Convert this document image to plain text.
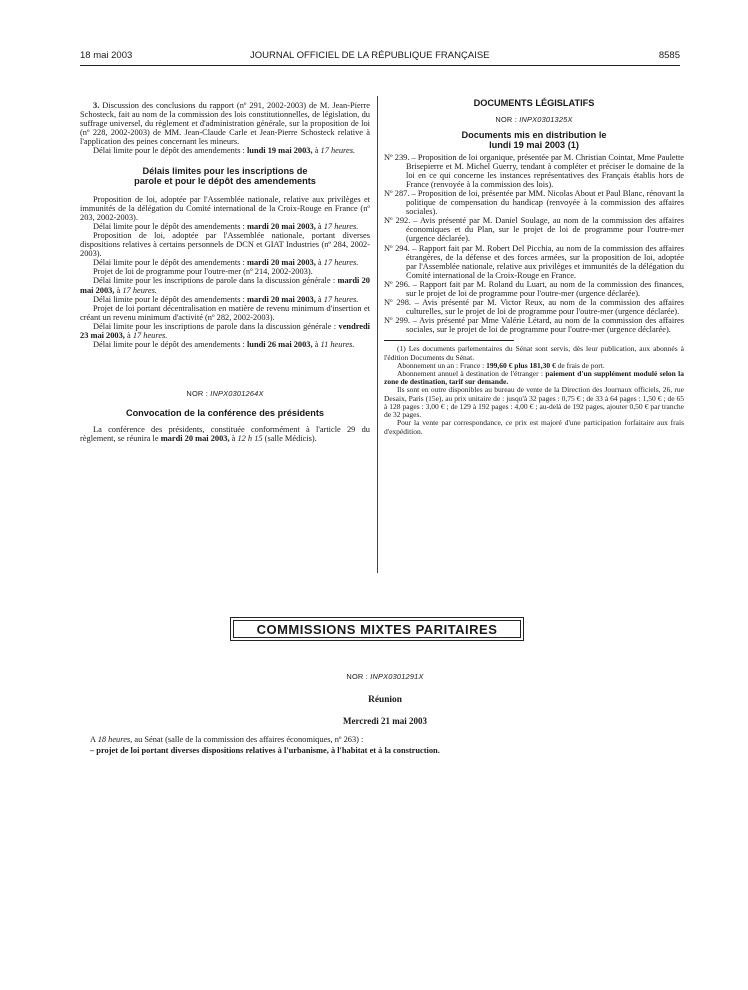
18 mai 2003	JOURNAL OFFICIEL DE LA RÉPUBLIQUE FRANÇAISE	8585

3. Discussion des conclusions du rapport (nº 291, 2002-2003) de M. Jean-Pierre Schosteck, fait au nom de la commission des lois constitutionnelles, de législation, du suffrage universel, du règlement et d'administration générale, sur la proposition de loi (nº 228, 2002-2003) de MM. Jean-Claude Carle et Jean-Pierre Schosteck relative à l'application des peines concernant les mineurs.

Délai limite pour le dépôt des amendements : lundi 19 mai 2003, à 17 heures.

Délais limites pour les inscriptions de parole et pour le dépôt des amendements

Proposition de loi, adoptée par l'Assemblée nationale, relative aux privilèges et immunités de la délégation du Comité international de la Croix-Rouge en France (nº 203, 2002-2003).

Délai limite pour le dépôt des amendements : mardi 20 mai 2003, à 17 heures.

Proposition de loi, adoptée par l'Assemblée nationale, portant diverses dispositions relatives à certains personnels de DCN et GIAT Industries (nº 284, 2002-2003).

Délai limite pour le dépôt des amendements : mardi 20 mai 2003, à 17 heures.

Projet de loi de programme pour l'outre-mer (nº 214, 2002-2003).

Délai limite pour les inscriptions de parole dans la discussion générale : mardi 20 mai 2003, à 17 heures.

Délai limite pour le dépôt des amendements : mardi 20 mai 2003, à 17 heures.

Projet de loi portant décentralisation en matière de revenu minimum d'insertion et créant un revenu minimum d'activité (nº 282, 2002-2003).

Délai limite pour les inscriptions de parole dans la discussion générale : vendredi 23 mai 2003, à 17 heures.

Délai limite pour le dépôt des amendements : lundi 26 mai 2003, à 11 heures.

NOR : INPX0301264X

Convocation de la conférence des présidents

La conférence des présidents, constituée conformément à l'article 29 du règlement, se réunira le mardi 20 mai 2003, à 12 h 15 (salle Médicis).

DOCUMENTS LÉGISLATIFS

NOR : INPX0301325X

Documents mis en distribution le lundi 19 mai 2003 (1)

Nº 239. – Proposition de loi organique, présentée par M. Christian Cointat, Mme Paulette Brisepierre et M. Michel Guerry, tendant à compléter et préciser le domaine de la loi en ce qui concerne les instances représentatives des Français établis hors de France (renvoyée à la commission des lois).

Nº 287. – Proposition de loi, présentée par MM. Nicolas About et Paul Blanc, rénovant la politique de compensation du handicap (renvoyée à la commission des affaires sociales).

Nº 292. – Avis présenté par M. Daniel Soulage, au nom de la commission des affaires économiques et du Plan, sur le projet de loi de programme pour l'outre-mer (urgence déclarée).

Nº 294. – Rapport fait par M. Robert Del Picchia, au nom de la commission des affaires étrangères, de la défense et des forces armées, sur la proposition de loi, adoptée par l'Assemblée nationale, relative aux privilèges et immunités de la délégation du Comité international de la Croix-Rouge en France.

Nº 296. – Rapport fait par M. Roland du Luart, au nom de la commission des finances, sur le projet de loi de programme pour l'outre-mer (urgence déclarée).

Nº 298. – Avis présenté par M. Victor Reux, au nom de la commission des affaires culturelles, sur le projet de loi de programme pour l'outre-mer (urgence déclarée).

Nº 299. – Avis présenté par Mme Valérie Létard, au nom de la commission des affaires sociales, sur le projet de loi de programme pour l'outre-mer (urgence déclarée).

(1) Les documents parlementaires du Sénat sont servis, dès leur publication, aux abonnés à l'édition Documents du Sénat.

Abonnement un an : France : 199,60 € plus 181,30 € de frais de port.

Abonnement annuel à destination de l'étranger : paiement d'un supplément modulé selon la zone de destination, tarif sur demande.

Ils sont en outre disponibles au bureau de vente de la Direction des Journaux officiels, 26, rue Desaix, Paris (15e), au prix unitaire de : jusqu'à 32 pages : 0,75 € ; de 33 à 64 pages : 1,50 € ; de 65 à 128 pages : 3,00 € ; de 129 à 192 pages : 4,00 € ; au-delà de 192 pages, ajouter 0,50 € par tranche de 32 pages.

Pour la vente par correspondance, ce prix est majoré d'une participation forfaitaire aux frais d'expédition.

COMMISSIONS MIXTES PARITAIRES
NOR : INPX0301291X
Réunion
Mercredi 21 mai 2003
A 18 heures, au Sénat (salle de la commission des affaires économiques, nº 263) :
– projet de loi portant diverses dispositions relatives à l'urbanisme, à l'habitat et à la construction.
